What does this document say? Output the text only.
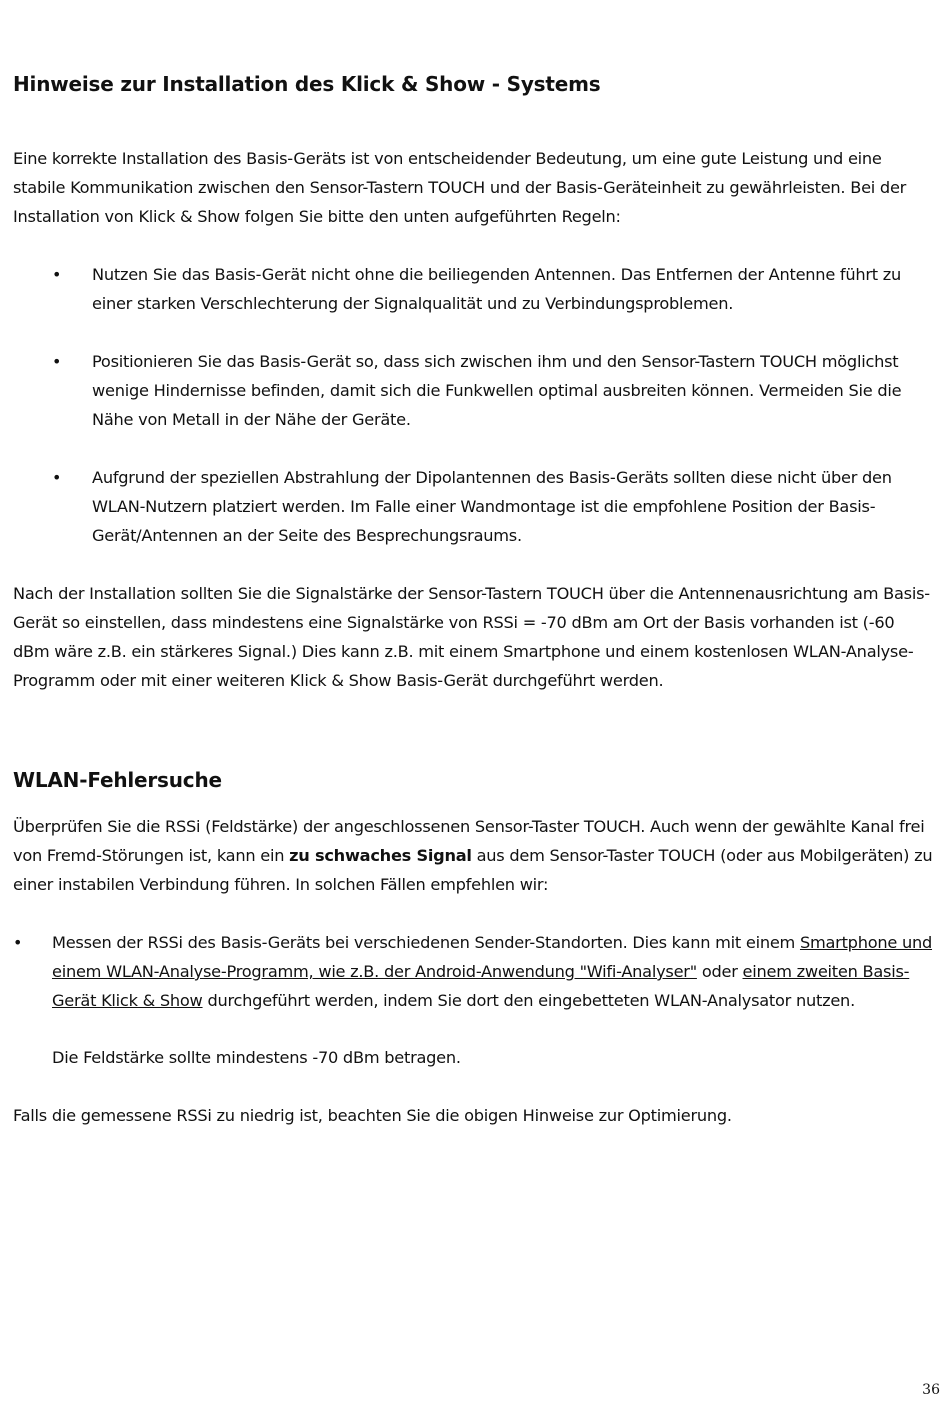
Hinweise zur Installation des Klick & Show - Systems

Eine korrekte Installation des Basis-Geräts ist von entscheidender Bedeutung, um eine gute Leistung und eine stabile Kommunikation zwischen den Sensor-Tastern TOUCH und der Basis-Geräteinheit zu gewährleisten. Bei der Installation von Klick & Show folgen Sie bitte den unten aufgeführten Regeln:

• Nutzen Sie das Basis-Gerät nicht ohne die beiliegenden Antennen. Das Entfernen der Antenne führt zu einer starken Verschlechterung der Signalqualität und zu Verbindungsproblemen.

• Positionieren Sie das Basis-Gerät so, dass sich zwischen ihm und den Sensor-Tastern TOUCH möglichst wenige Hindernisse befinden, damit sich die Funkwellen optimal ausbreiten können. Vermeiden Sie die Nähe von Metall in der Nähe der Geräte.

• Aufgrund der speziellen Abstrahlung der Dipolantennen des Basis-Geräts sollten diese nicht über den WLAN-Nutzern platziert werden. Im Falle einer Wandmontage ist die empfohlene Position der Basis-Gerät/Antennen an der Seite des Besprechungsraums.

Nach der Installation sollten Sie die Signalstärke der Sensor-Tastern TOUCH über die Antennenausrichtung am Basis-Gerät so einstellen, dass mindestens eine Signalstärke von RSSi = -70 dBm am Ort der Basis vorhanden ist (-60 dBm wäre z.B. ein stärkeres Signal.) Dies kann z.B. mit einem Smartphone und einem kostenlosen WLAN-Analyse-Programm oder mit einer weiteren Klick & Show Basis-Gerät durchgeführt werden.

WLAN-Fehlersuche

Überprüfen Sie die RSSi (Feldstärke) der angeschlossenen Sensor-Taster TOUCH. Auch wenn der gewählte Kanal frei von Fremd-Störungen ist, kann ein zu schwaches Signal aus dem Sensor-Taster TOUCH (oder aus Mobilgeräten) zu einer instabilen Verbindung führen. In solchen Fällen empfehlen wir:

• Messen der RSSi des Basis-Geräts bei verschiedenen Sender-Standorten. Dies kann mit einem Smartphone und einem WLAN-Analyse-Programm, wie z.B. der Android-Anwendung "Wifi-Analyser" oder einem zweiten Basis-Gerät Klick & Show durchgeführt werden, indem Sie dort den eingebetteten WLAN-Analysator nutzen.

Die Feldstärke sollte mindestens -70 dBm betragen.

Falls die gemessene RSSi zu niedrig ist, beachten Sie die obigen Hinweise zur Optimierung.

36
